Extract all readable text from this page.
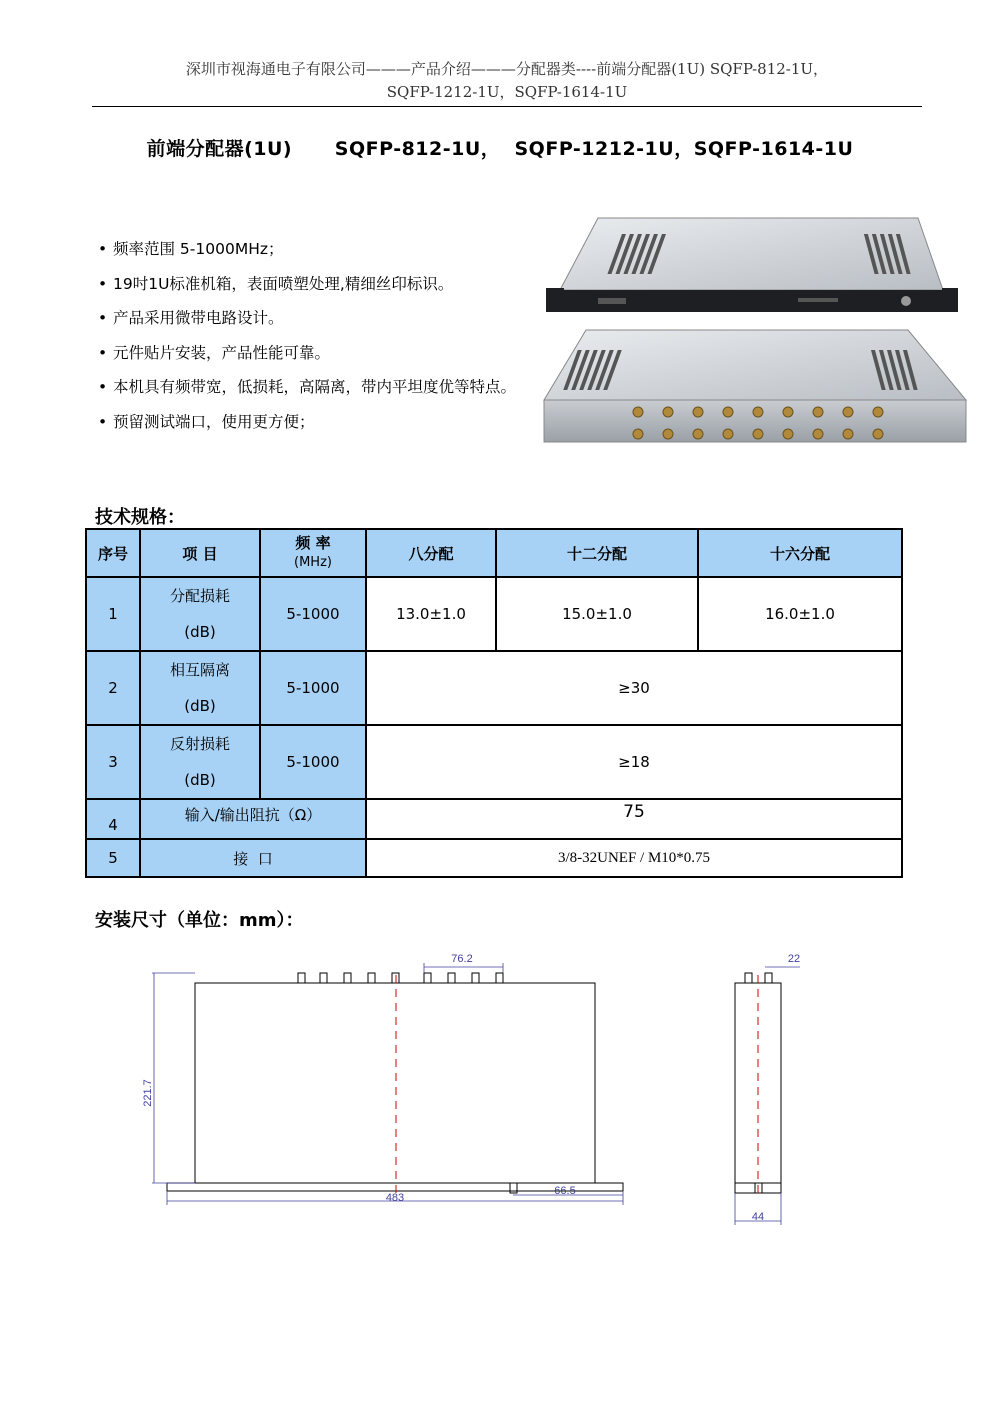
深圳市视海通电子有限公司———产品介绍———分配器类----前端分配器(1U) SQFP-812-1U，
SQFP-1212-1U，SQFP-1614-1U
前端分配器(1U)      SQFP-812-1U，  SQFP-1212-1U，SQFP-1614-1U
• 频率范围 5-1000MHz；
• 19吋1U标准机箱，表面喷塑处理,精细丝印标识。
• 产品采用微带电路设计。
• 元件贴片安装，产品性能可靠。
• 本机具有频带宽，低损耗，高隔离，带内平坦度优等特点。
• 预留测试端口，使用更方便；
技术规格：
序号	项 目	频 率
(MHz)	八分配	十二分配	十六分配
1	分配损耗
(dB)	5-1000	13.0±1.0	15.0±1.0	16.0±1.0
2	相互隔离
(dB)	5-1000	≥30		
3	反射损耗
(dB)	5-1000	≥18		
4	输入/输出阻抗（Ω）		75		
5	接  口		3/8-32UNEF / M10*0.75		
安装尺寸（单位：mm）：
221.7
483
66.5
76.2	22
44
